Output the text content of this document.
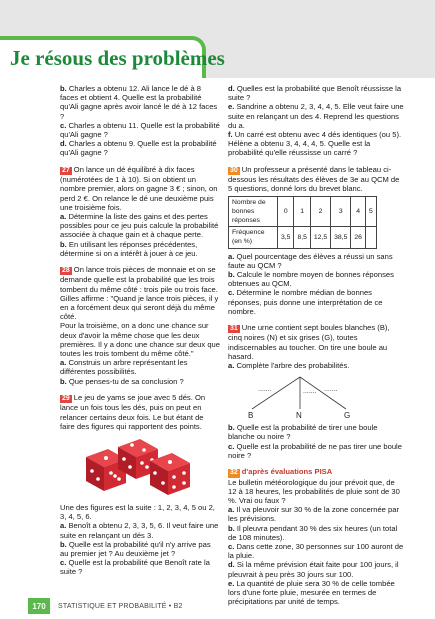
Je résous des problèmes

b. Charles a obtenu 12. Ali lance le dé à 8 faces et obtient 4. Quelle est la probabilité qu'Ali gagne après avoir lancé le dé à 12 faces ?

c. Charles a obtenu 11. Quelle est la probabilité qu'Ali gagne ?

d. Charles a obtenu 9. Quelle est la probabilité qu'Ali gagne ?

27 On lance un dé équilibré à dix faces (numérotées de 1 à 10). Si on obtient un nombre premier, alors on gagne 3 € ; sinon, on perd 2 €. On relance le dé une deuxième puis une troisième fois.

a. Détermine la liste des gains et des pertes possibles pour ce jeu puis calcule la probabilité associée à chaque gain et à chaque perte.

b. En utilisant les réponses précédentes, détermine si on a intérêt à jouer à ce jeu.

28 On lance trois pièces de monnaie et on se demande quelle est la probabilité que les trois tombent du même côté : trois pile ou trois face.

Gilles affirme : "Quand je lance trois pièces, il y en a forcément deux qui seront déjà du même côté.

Pour la troisième, on a donc une chance sur deux d'avoir la même chose que les deux premières. Il y a donc une chance sur deux que toutes les trois tombent du même côté."

a. Construis un arbre représentant les différentes possibilités.

b. Que penses-tu de sa conclusion ?

29 Le jeu de yams se joue avec 5 dés. On lance un fois tous les dés, puis on peut en relancer certains deux fois. Le but étant de faire des figures qui rapportent des points.

Une des figures est la suite : 1, 2, 3, 4, 5 ou 2, 3, 4, 5, 6.

a. Benoît a obtenu 2, 3, 3, 5, 6. Il veut faire une suite en relançant un dés 3.

b. Quelle est la probabilité qu'il n'y arrive pas au premier jet ? Au deuxième jet ?

c. Quelle est la probabilité que Benoît rate la suite ?

d. Quelles est la probabilité que Benoît réussisse la suite ?

e. Sandrine a obtenu 2, 3, 4, 4, 5. Elle veut faire une suite en relançant un des 4. Reprend les questions du a.

f. Un carré est obtenu avec 4 dés identiques (ou 5). Hélène a obtenu 3, 4, 4, 4, 5. Quelle est la probabilité qu'elle réussisse un carré ?

30 Un professeur a présenté dans le tableau ci-dessous les résultats des élèves de 3e au QCM de 5 questions, donné lors du brevet blanc.

Nombre de bonnes réponses	0	1	2	3	4	5
Fréquence (en %)	3,5	8,5	12,5	38,5	26	

a. Quel pourcentage des élèves a réussi un sans faute au QCM ?

b. Calcule le nombre moyen de bonnes réponses obtenues au QCM.

c. Détermine le nombre médian de bonnes réponses, puis donne une interprétation de ce nombre.

31 Une urne contient sept boules blanches (B), cinq noires (N) et six grises (G), toutes indiscernables au toucher. On tire une boule au hasard.

a. Complète l'arbre des probabilités.

.......	....... .......
B	N	G

b. Quelle est la probabilité de tirer une boule blanche ou noire ?

c. Quelle est la probabilité de ne pas tirer une boule noire ?

32 d'après évaluations PISA

Le bulletin météorologique du jour prévoit que, de 12 à 18 heures, les probabilités de pluie sont de 30 %. Vrai ou faux ?

a. Il va pleuvoir sur 30 % de la zone concernée par les prévisions.

b. Il pleuvra pendant 30 % des six heures (un total de 108 minutes).

c. Dans cette zone, 30 personnes sur 100 auront de la pluie.

d. Si la même prévision était faite pour 100 jours, il pleuvrait à peu près 30 jours sur 100.

e. La quantité de pluie sera 30 % de celle tombée lors d'une forte pluie, mesurée en termes de précipitations par unité de temps.

170	STATISTIQUE ET PROBABILITÉ • B2
